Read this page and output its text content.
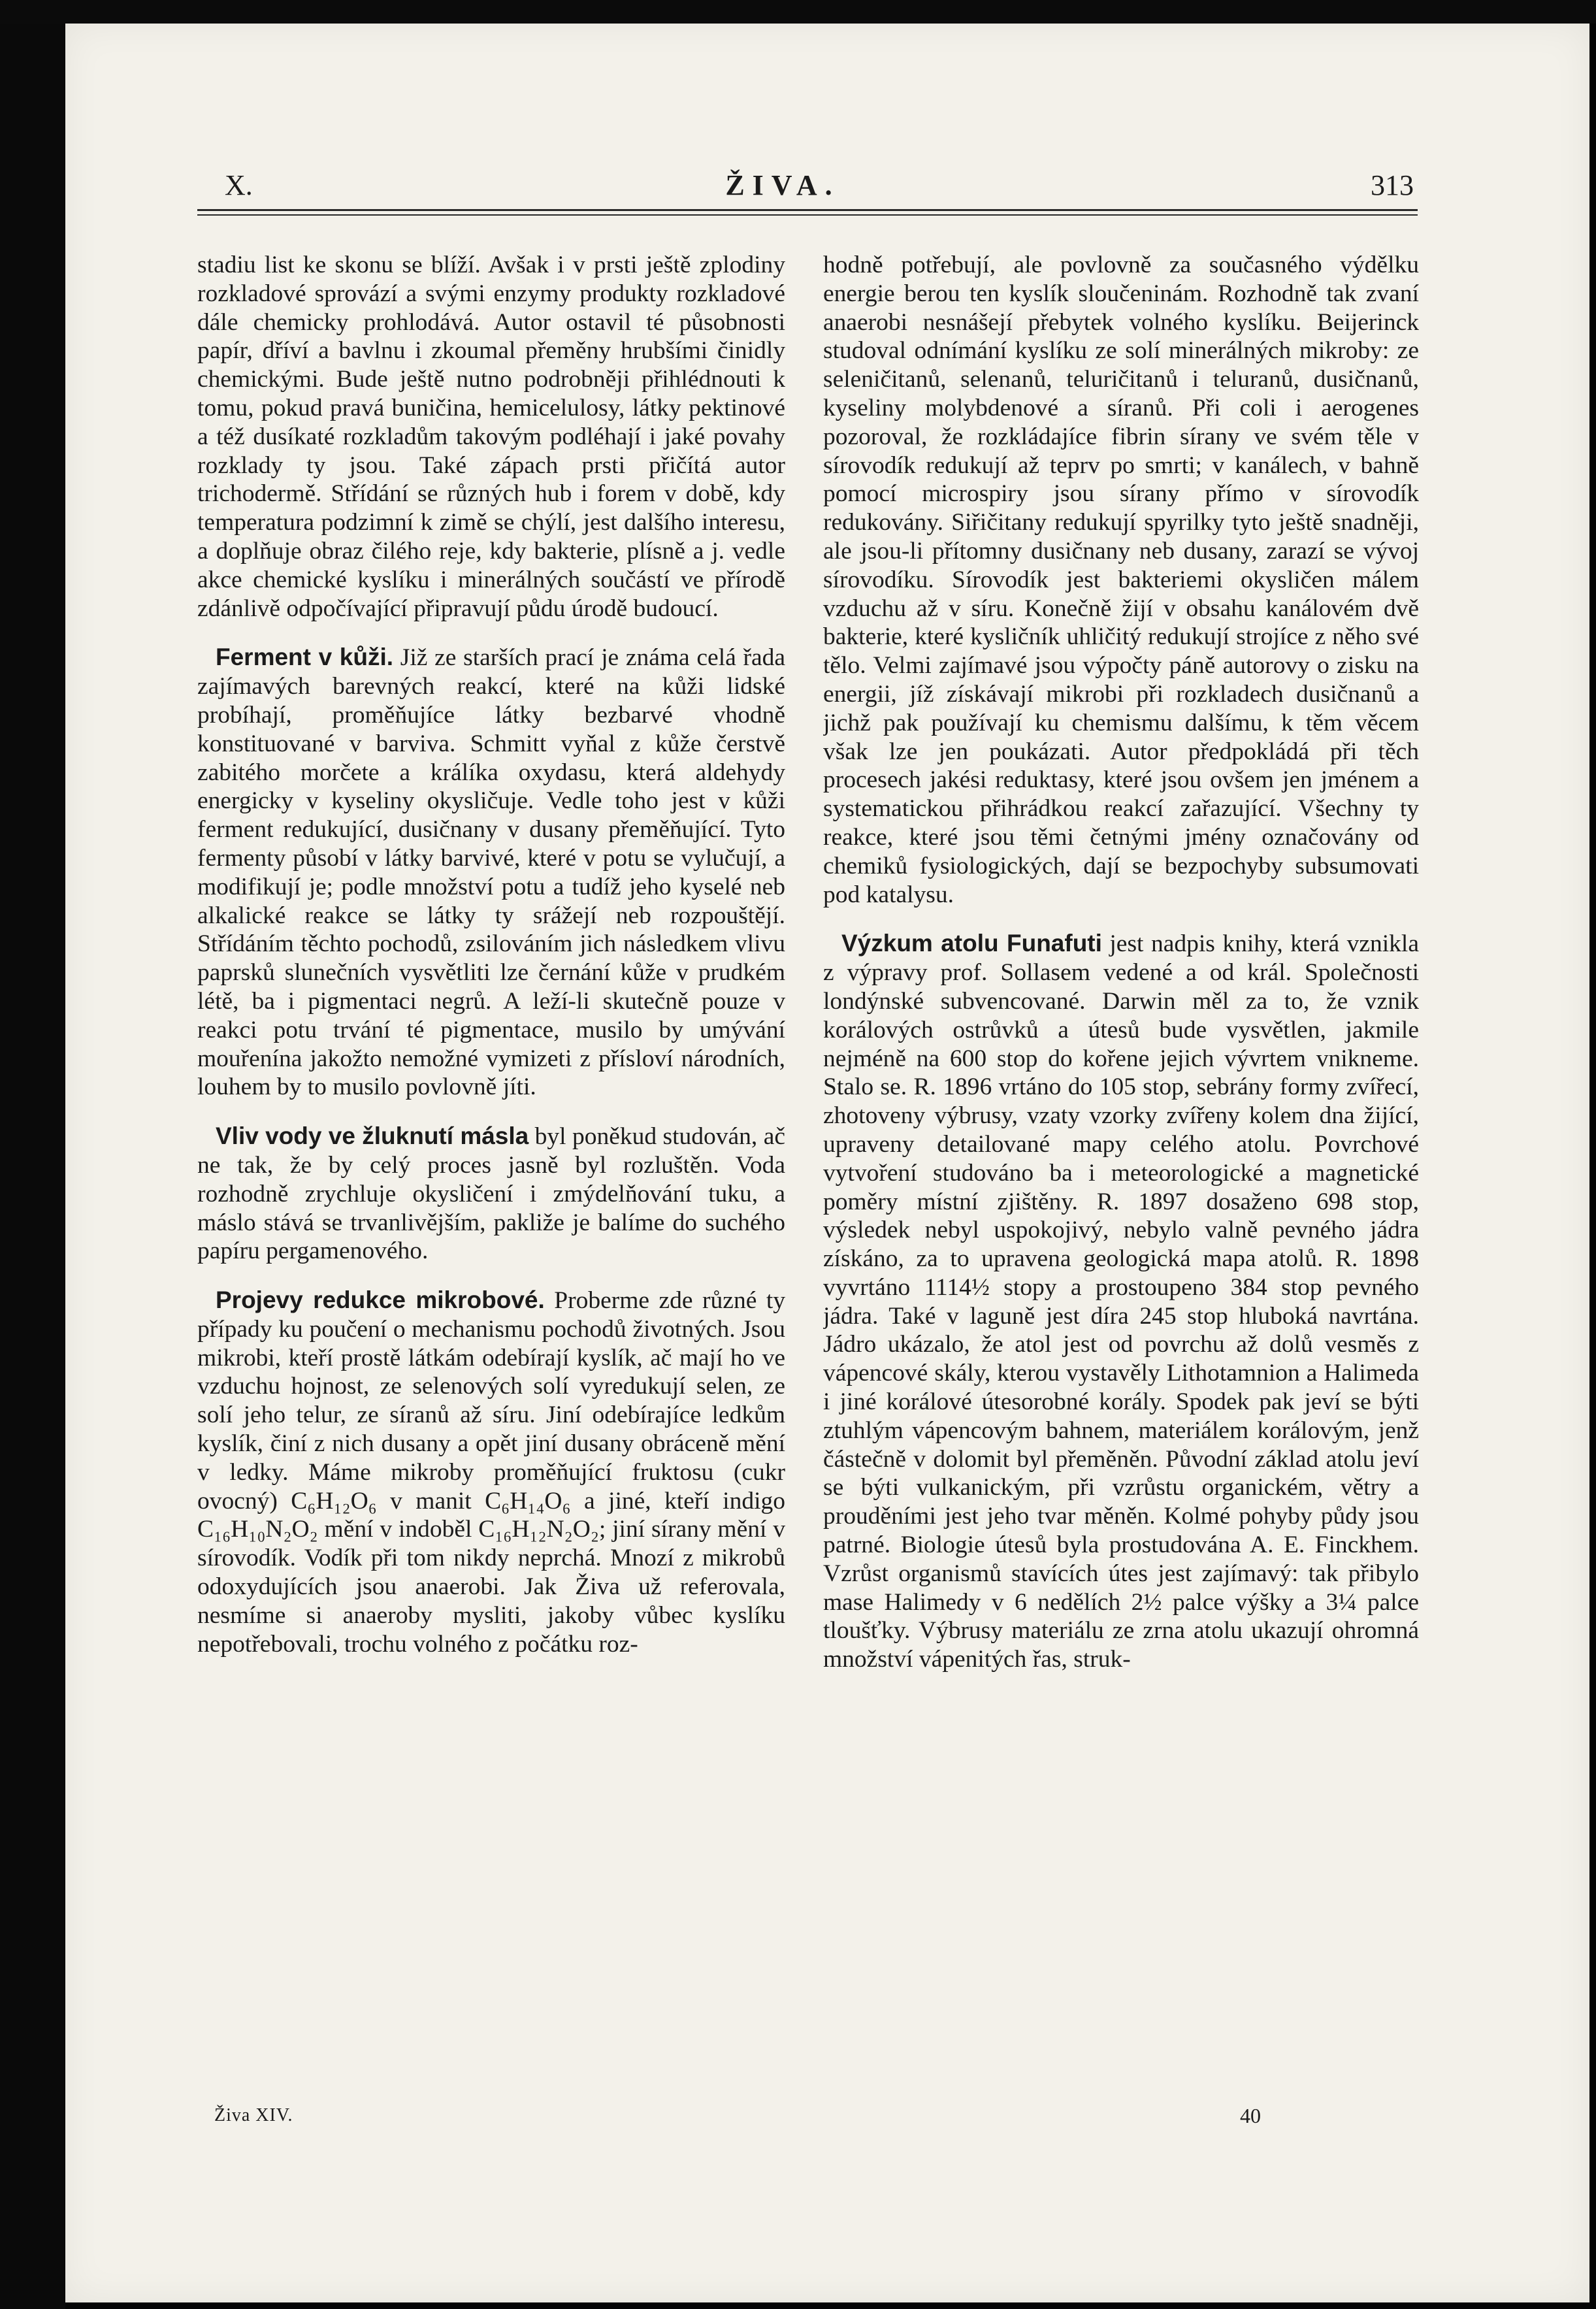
X.	ŽIVA.	313

stadiu list ke skonu se blíží. Avšak i v prsti ještě zplodiny rozkladové sprovází a svými enzymy produkty rozkladové dále chemicky prohlodává. Autor ostavil té působnosti papír, dříví a bavlnu i zkoumal přeměny hrubšími činidly chemickými. Bude ještě nutno podrobněji přihlédnouti k tomu, pokud pravá buničina, hemicelulosy, látky pektinové a též dusíkaté rozkladům takovým podléhají i jaké povahy rozklady ty jsou. Také zápach prsti přičítá autor trichodermě. Střídání se různých hub i forem v době, kdy temperatura podzimní k zimě se chýlí, jest dalšího interesu, a doplňuje obraz čilého reje, kdy bakterie, plísně a j. vedle akce chemické kyslíku i minerálných součástí ve přírodě zdánlivě odpočívající připravují půdu úrodě budoucí.

Ferment v kůži. Již ze starších prací je známa celá řada zajímavých barevných reakcí, které na kůži lidské probíhají, proměňujíce látky bezbarvé vhodně konstituované v barviva. Schmitt vyňal z kůže čerstvě zabitého morčete a králíka oxydasu, která aldehydy energicky v kyseliny okysličuje. Vedle toho jest v kůži ferment redukující, dusičnany v dusany přeměňující. Tyto fermenty působí v látky barvivé, které v potu se vylučují, a modifikují je; podle množství potu a tudíž jeho kyselé neb alkalické reakce se látky ty srážejí neb rozpouštějí. Střídáním těchto pochodů, zsilováním jich následkem vlivu paprsků slunečních vysvětliti lze černání kůže v prudkém létě, ba i pigmentaci negrů. A leží-li skutečně pouze v reakci potu trvání té pigmentace, musilo by umývání mouřenína jakožto nemožné vymizeti z přísloví národních, louhem by to musilo povlovně jíti.

Vliv vody ve žluknutí másla byl poněkud studován, ač ne tak, že by celý proces jasně byl rozluštěn. Voda rozhodně zrychluje okysličení i zmýdelňování tuku, a máslo stává se trvanlivějším, pakliže je balíme do suchého papíru pergamenového.

Projevy redukce mikrobové. Proberme zde různé ty případy ku poučení o mechanismu pochodů životných. Jsou mikrobi, kteří prostě látkám odebírají kyslík, ač mají ho ve vzduchu hojnost, ze selenových solí vyredukují selen, ze solí jeho telur, ze síranů až síru. Jiní odebírajíce ledkům kyslík, činí z nich dusany a opět jiní dusany obráceně mění v ledky. Máme mikroby proměňující fruktosu (cukr ovocný) C₆H₁₂O₆ v manit C₆H₁₄O₆ a jiné, kteří indigo C₁₆H₁₀N₂O₂ mění v indoběl C₁₆H₁₂N₂O₂; jiní sírany mění v sírovodík. Vodík při tom nikdy neprchá. Mnozí z mikrobů odoxydujících jsou anaerobi. Jak Živa už referovala, nesmíme si anaeroby mysliti, jakoby vůbec kyslíku nepotřebovali, trochu volného z počátku roz-

hodně potřebují, ale povlovně za současného výdělku energie berou ten kyslík sloučeninám. Rozhodně tak zvaní anaerobi nesnášejí přebytek volného kyslíku. Beijerinck studoval odnímání kyslíku ze solí minerálných mikroby: ze seleničitanů, selenanů, teluričitanů i teluranů, dusičnanů, kyseliny molybdenové a síranů. Při coli i aerogenes pozoroval, že rozkládajíce fibrin sírany ve svém těle v sírovodík redukují až teprv po smrti; v kanálech, v bahně pomocí microspiry jsou sírany přímo v sírovodík redukovány. Siřičitany redukují spyrilky tyto ještě snadněji, ale jsou-li přítomny dusičnany neb dusany, zarazí se vývoj sírovodíku. Sírovodík jest bakteriemi okysličen málem vzduchu až v síru. Konečně žijí v obsahu kanálovém dvě bakterie, které kysličník uhličitý redukují strojíce z něho své tělo. Velmi zajímavé jsou výpočty páně autorovy o zisku na energii, jíž získávají mikrobi při rozkladech dusičnanů a jichž pak používají ku chemismu dalšímu, k těm věcem však lze jen poukázati. Autor předpokládá při těch procesech jakési reduktasy, které jsou ovšem jen jménem a systematickou přihrádkou reakcí zařazující. Všechny ty reakce, které jsou těmi četnými jmény označovány od chemiků fysiologických, dají se bezpochyby subsumovati pod katalysu.

Výzkum atolu Funafuti jest nadpis knihy, která vznikla z výpravy prof. Sollasem vedené a od král. Společnosti londýnské subvencované. Darwin měl za to, že vznik korálových ostrůvků a útesů bude vysvětlen, jakmile nejméně na 600 stop do kořene jejich vývrtem vnikneme. Stalo se. R. 1896 vrtáno do 105 stop, sebrány formy zvířecí, zhotoveny výbrusy, vzaty vzorky zvířeny kolem dna žijící, upraveny detailované mapy celého atolu. Povrchové vytvoření studováno ba i meteorologické a magnetické poměry místní zjištěny. R. 1897 dosaženo 698 stop, výsledek nebyl uspokojivý, nebylo valně pevného jádra získáno, za to upravena geologická mapa atolů. R. 1898 vyvrtáno 1114½ stopy a prostoupeno 384 stop pevného jádra. Také v laguně jest díra 245 stop hluboká navrtána. Jádro ukázalo, že atol jest od povrchu až dolů vesměs z vápencové skály, kterou vystavěly Lithotamnion a Halimeda i jiné korálové útesorobné korály. Spodek pak jeví se býti ztuhlým vápencovým bahnem, materiálem korálovým, jenž částečně v dolomit byl přeměněn. Původní základ atolu jeví se býti vulkanickým, při vzrůstu organickém, větry a prouděními jest jeho tvar měněn. Kolmé pohyby půdy jsou patrné. Biologie útesů byla prostudována A. E. Finckhem. Vzrůst organismů stavících útes jest zajímavý: tak přibylo mase Halimedy v 6 nedělích 2½ palce výšky a 3¼ palce tloušťky. Výbrusy materiálu ze zrna atolu ukazují ohromná množství vápenitých řas, struk-

Živa XIV.	40
